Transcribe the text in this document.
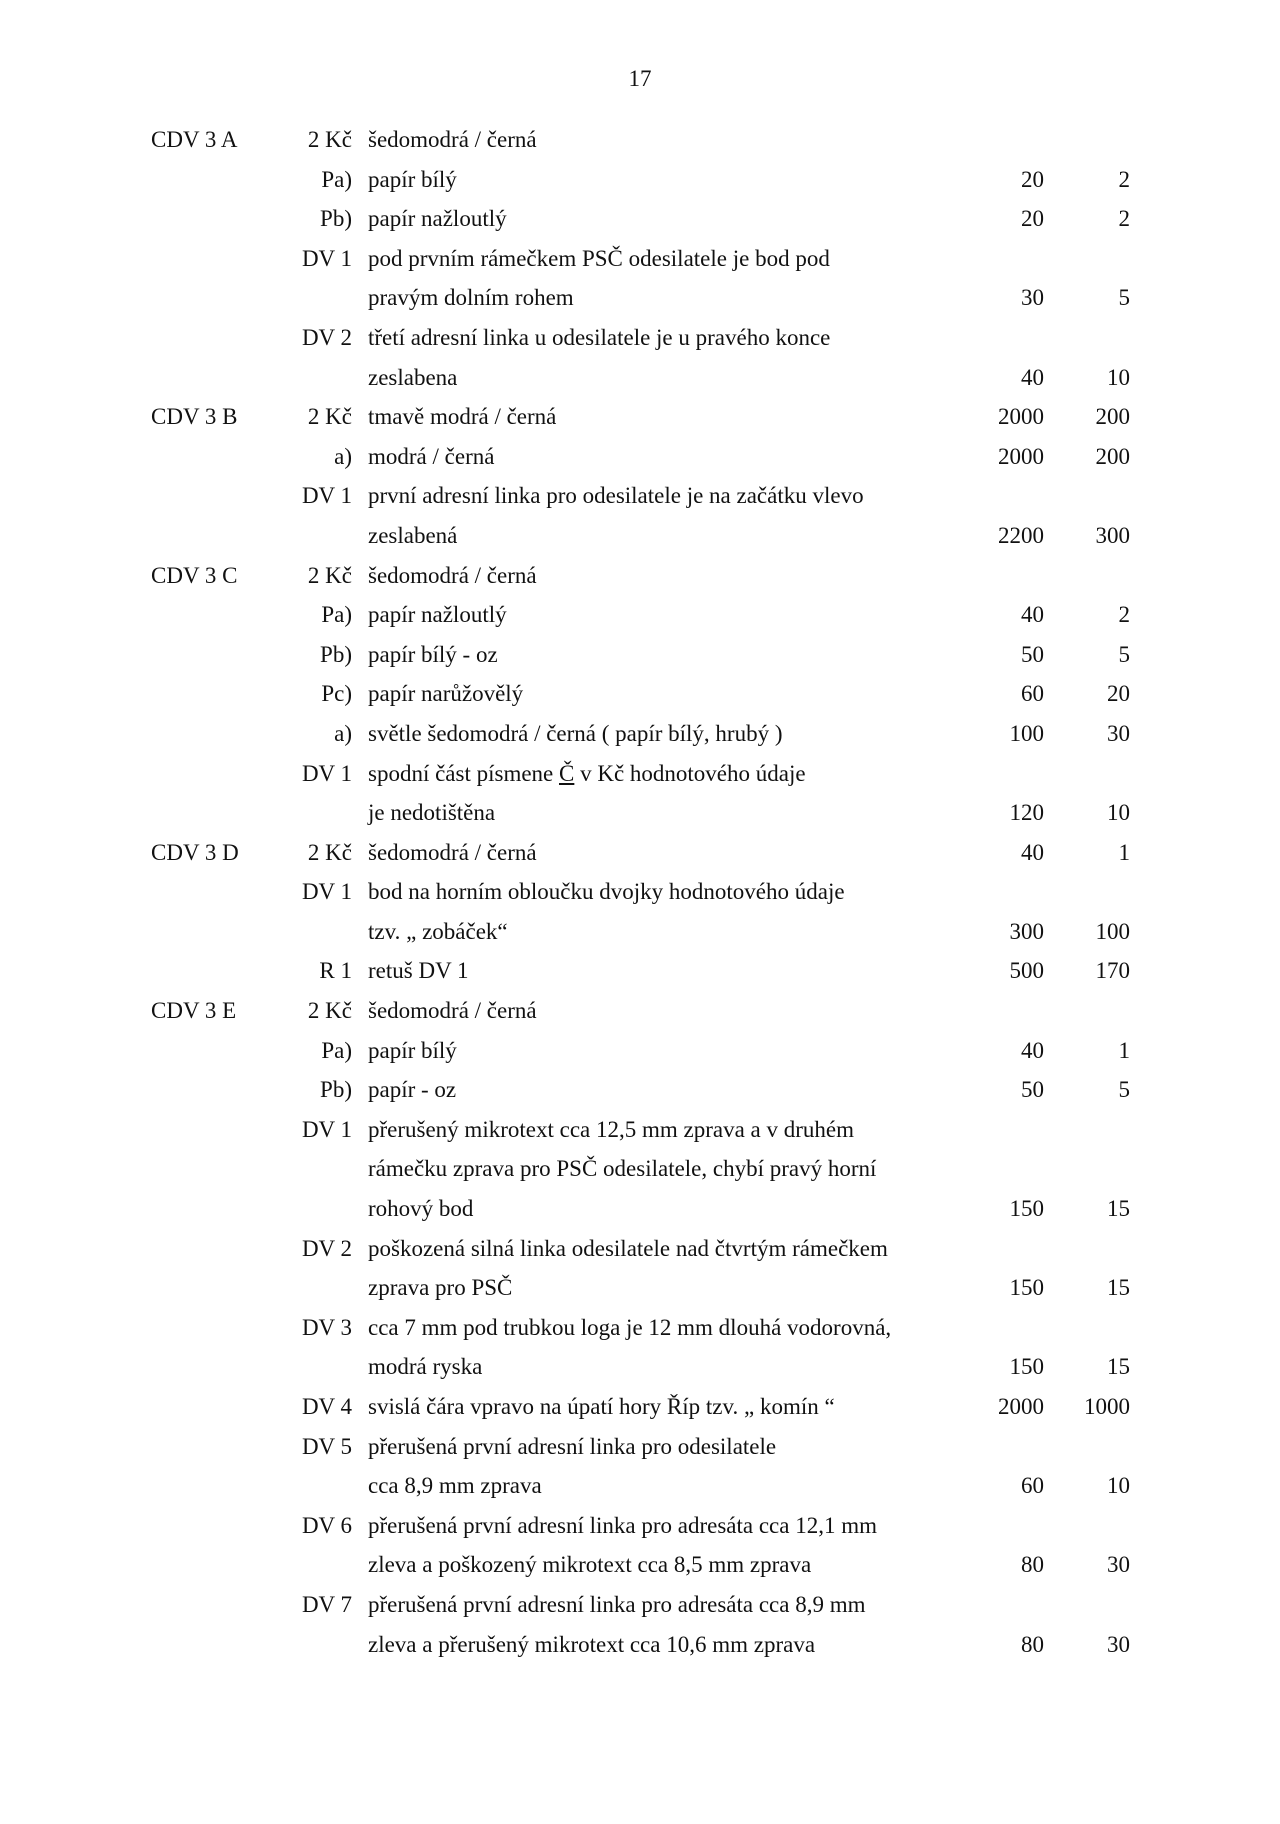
17
CDV 3 A	2 Kč šedomodrá / černá
Pa) papír bílý	20	2
Pb) papír nažloutlý	20	2
DV 1 pod prvním rámečkem PSČ odesilatele je bod pod
pravým dolním rohem	30	5
DV 2 třetí adresní linka u odesilatele je u pravého konce
zeslabena	40	10
CDV 3 B	2 Kč tmavě modrá / černá	2000	200
a) modrá / černá	2000	200
DV 1 první adresní linka pro odesilatele je na začátku vlevo
zeslabená	2200	300
CDV 3 C	2 Kč šedomodrá / černá
Pa) papír nažloutlý	40	2
Pb) papír bílý - oz	50	5
Pc) papír narůžovělý	60	20
a) světle šedomodrá / černá ( papír bílý, hrubý )	100	30
DV 1 spodní část písmene Č v Kč hodnotového údaje
je nedotištěna	120	10
CDV 3 D	2 Kč šedomodrá / černá	40	1
DV 1 bod na horním obloučku dvojky hodnotového údaje
tzv. „ zobáček“	300	100
R 1 retuš DV 1	500	170
CDV 3 E	2 Kč šedomodrá / černá
Pa) papír bílý	40	1
Pb) papír - oz	50	5
DV 1 přerušený mikrotext cca 12,5 mm zprava a v druhém
rámečku zprava pro PSČ odesilatele, chybí pravý horní
rohový bod	150	15
DV 2 poškozená silná linka odesilatele nad čtvrtým rámečkem
zprava pro PSČ	150	15
DV 3 cca 7 mm pod trubkou loga je 12 mm dlouhá vodorovná,
modrá ryska	150	15
DV 4 svislá čára vpravo na úpatí hory Říp tzv. „ komín “	2000	1000
DV 5 přerušená první adresní linka pro odesilatele
cca 8,9 mm zprava	60	10
DV 6 přerušená první adresní linka pro adresáta cca 12,1 mm
zleva a poškozený mikrotext cca 8,5 mm zprava	80	30
DV 7 přerušená první adresní linka pro adresáta cca 8,9 mm
zleva a přerušený mikrotext cca 10,6 mm zprava	80	30
